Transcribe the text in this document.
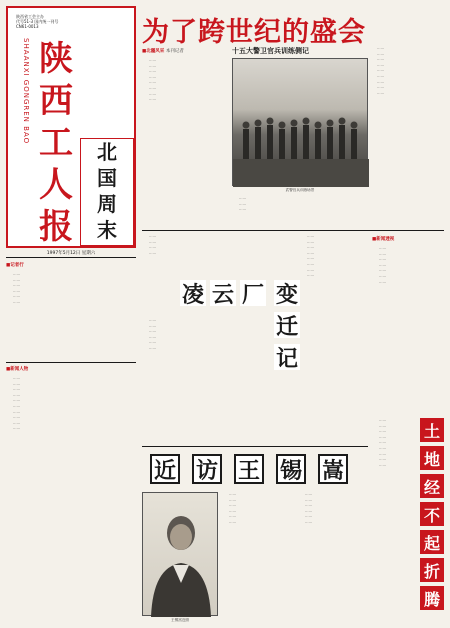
陕
西
工
人
报
SHAANXI GONGREN BAO
陕西省工会主办
代号51-3 国内统一刊号
CN61-0013
北
国
周
末
1997年5月12日 星期六
为了跨世纪的盛会
十五大警卫官兵训练侧记
■北疆风采 本刊记者

……

……

……

……

……

……

……

……

武警官兵训练场景

……

……

……

……

……

……

……

……

……

……

……

……

■记者行

……

……

……

……

……

……

■新闻人物

……

……

……

……

……

……

……

……

……

……

……

……

……

……

凌 云 厂 变
迁
记

……

……

……

……

……

……

……

……

……

……

……

……

……

……

■新闻透视

……

……

……

……

……

……

……

土
地
经
不
起
折
腾

……

……

……

……

……

……

……

……

……

近 访 王 锡 嵩
王锡嵩近照

……

……

……

……

……

……

……

……

……

……

……

……
